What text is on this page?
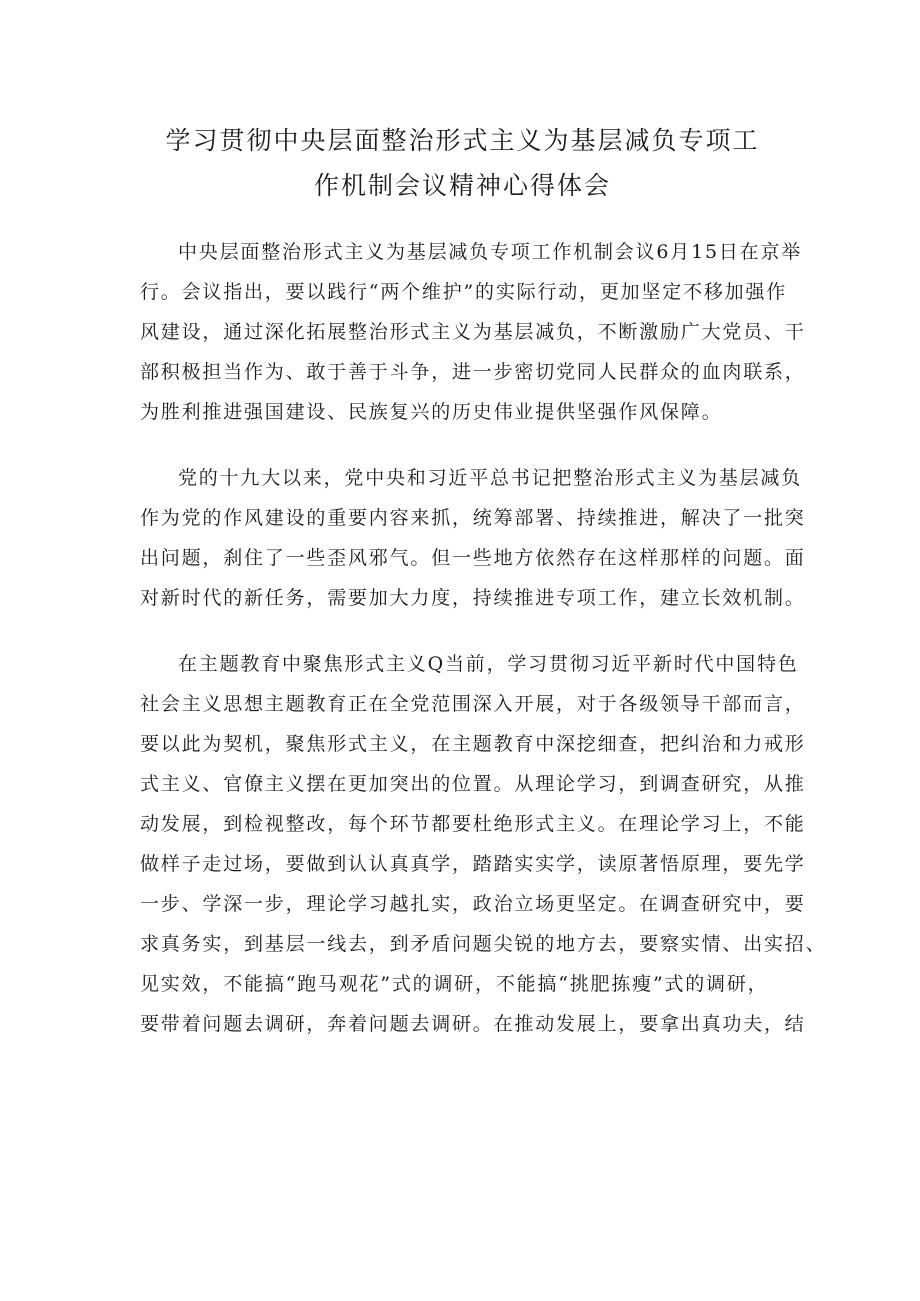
学习贯彻中央层面整治形式主义为基层减负专项工
作机制会议精神心得体会

中央层面整治形式主义为基层减负专项工作机制会议6月15日在京举
行。会议指出，要以践行“两个维护”的实际行动，更加坚定不移加强作
风建设，通过深化拓展整治形式主义为基层减负，不断激励广大党员、干
部积极担当作为、敢于善于斗争，进一步密切党同人民群众的血肉联系，
为胜利推进强国建设、民族复兴的历史伟业提供坚强作风保障。

党的十九大以来，党中央和习近平总书记把整治形式主义为基层减负
作为党的作风建设的重要内容来抓，统筹部署、持续推进，解决了一批突
出问题，刹住了一些歪风邪气。但一些地方依然存在这样那样的问题。面
对新时代的新任务，需要加大力度，持续推进专项工作，建立长效机制。

在主题教育中聚焦形式主义Q当前，学习贯彻习近平新时代中国特色
社会主义思想主题教育正在全党范围深入开展，对于各级领导干部而言，
要以此为契机，聚焦形式主义，在主题教育中深挖细查，把纠治和力戒形
式主义、官僚主义摆在更加突出的位置。从理论学习，到调查研究，从推
动发展，到检视整改，每个环节都要杜绝形式主义。在理论学习上，不能
做样子走过场，要做到认认真真学，踏踏实实学，读原著悟原理，要先学
一步、学深一步，理论学习越扎实，政治立场更坚定。在调查研究中，要
求真务实，到基层一线去，到矛盾问题尖锐的地方去，要察实情、出实招、
见实效，不能搞“跑马观花”式的调研，不能搞“挑肥拣瘦”式的调研，
要带着问题去调研，奔着问题去调研。在推动发展上，要拿出真功夫，结
